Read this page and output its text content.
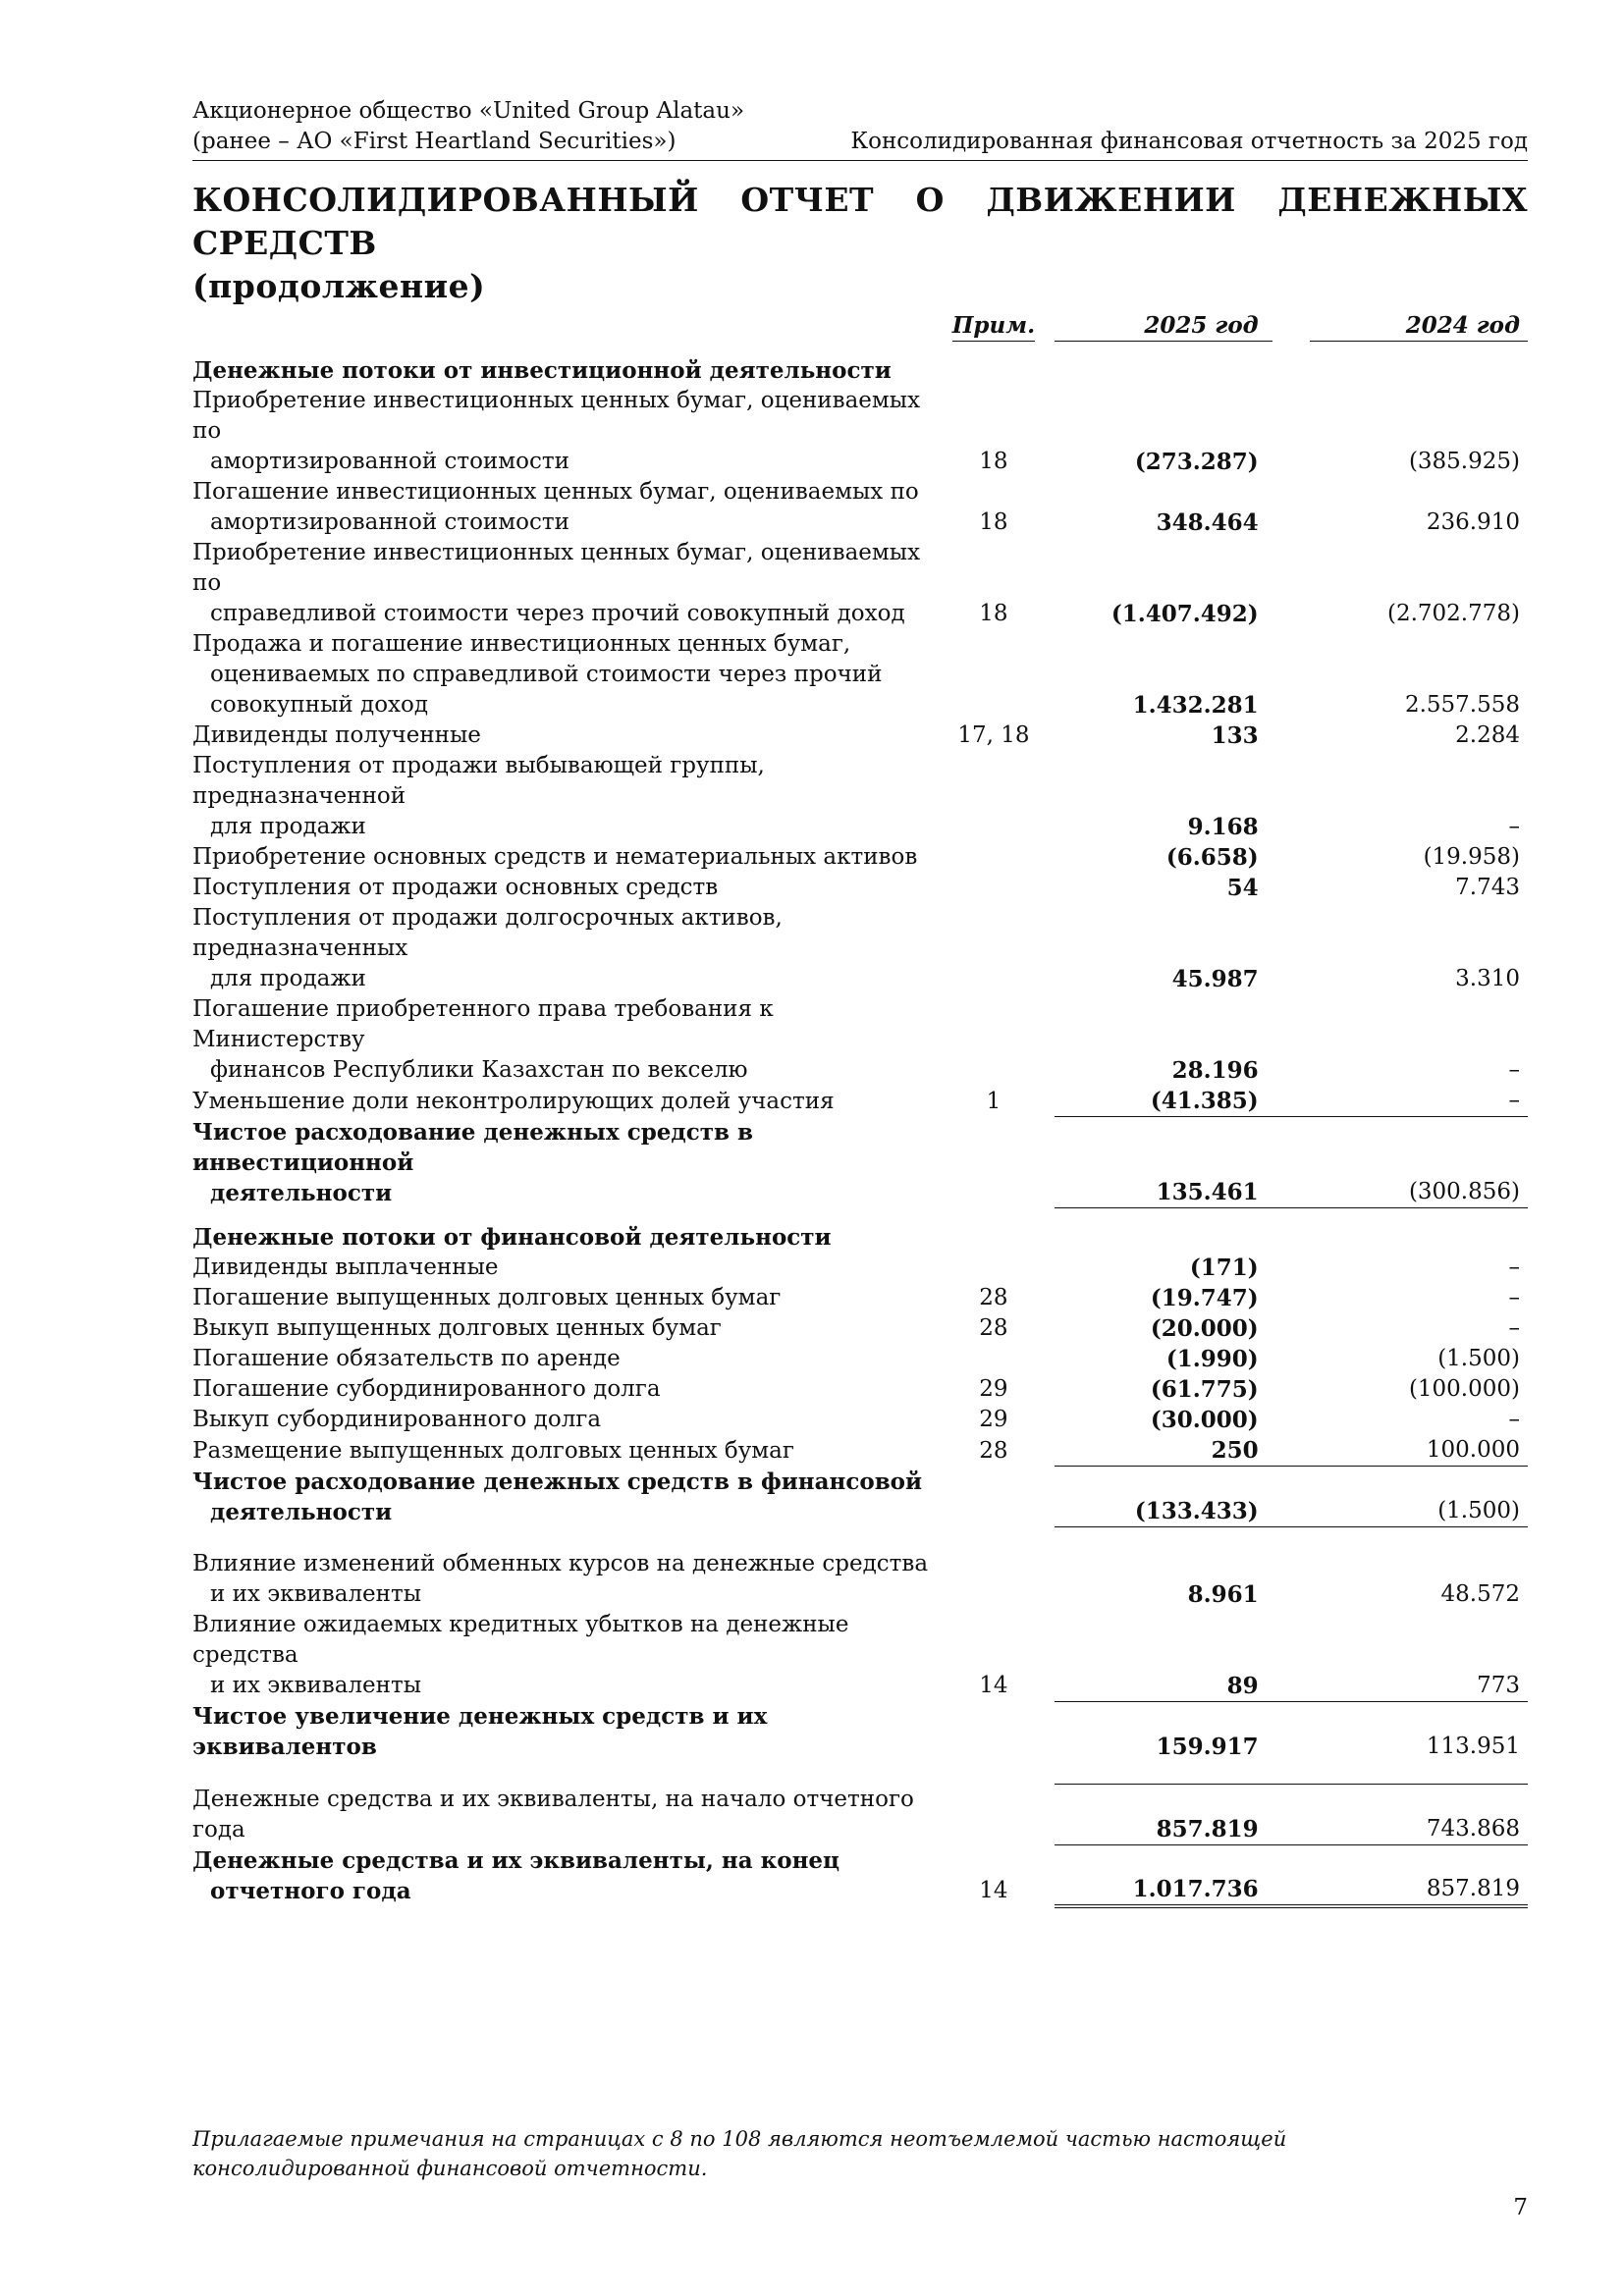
Акционерное общество «United Group Alatau»
(ранее – АО «First Heartland Securities»)	Консолидированная финансовая отчетность за 2025 год
КОНСОЛИДИРОВАННЫЙ ОТЧЕТ О ДВИЖЕНИИ ДЕНЕЖНЫХ СРЕДСТВ
(продолжение)
	Прим.		2025 год		2024 год
Денежные потоки от инвестиционной деятельности					

Приобретение инвестиционных ценных бумаг, оцениваемых по
амортизированной стоимости	18		(273.287)		(385.925)

Погашение инвестиционных ценных бумаг, оцениваемых по
амортизированной стоимости	18		348.464		236.910

Приобретение инвестиционных ценных бумаг, оцениваемых по
справедливой стоимости через прочий совокупный доход	18		(1.407.492)		(2.702.778)

Продажа и погашение инвестиционных ценных бумаг,
оцениваемых по справедливой стоимости через прочий
совокупный доход			1.432.281		2.557.558

Дивиденды полученные	17, 18		133		2.284

Поступления от продажи выбывающей группы, предназначенной
для продажи			9.168		–

Приобретение основных средств и нематериальных активов			(6.658)		(19.958)

Поступления от продажи основных средств			54		7.743

Поступления от продажи долгосрочных активов, предназначенных
для продажи			45.987		3.310

Погашение приобретенного права требования к Министерству
финансов Республики Казахстан по векселю			28.196		–

Уменьшение доли неконтролирующих долей участия	1		(41.385)		–

Чистое расходование денежных средств в инвестиционной
деятельности			135.461		(300.856)
Денежные потоки от финансовой деятельности					

Дивиденды выплаченные			(171)		–

Погашение выпущенных долговых ценных бумаг	28		(19.747)		–

Выкуп выпущенных долговых ценных бумаг	28		(20.000)		–

Погашение обязательств по аренде			(1.990)		(1.500)

Погашение субординированного долга	29		(61.775)		(100.000)

Выкуп субординированного долга	29		(30.000)		–

Размещение выпущенных долговых ценных бумаг	28		250		100.000

Чистое расходование денежных средств в финансовой
деятельности			(133.433)		(1.500)

Влияние изменений обменных курсов на денежные средства
и их эквиваленты			8.961		48.572

Влияние ожидаемых кредитных убытков на денежные средства
и их эквиваленты	14		89		773

Чистое увеличение денежных средств и их эквивалентов			159.917		113.951

Денежные средства и их эквиваленты, на начало отчетного года			857.819		743.868

Денежные средства и их эквиваленты, на конец
отчетного года	14		1.017.736		857.819
Прилагаемые примечания на страницах с 8 по 108 являются неотъемлемой частью настоящей консолидированной финансовой отчетности.
7
